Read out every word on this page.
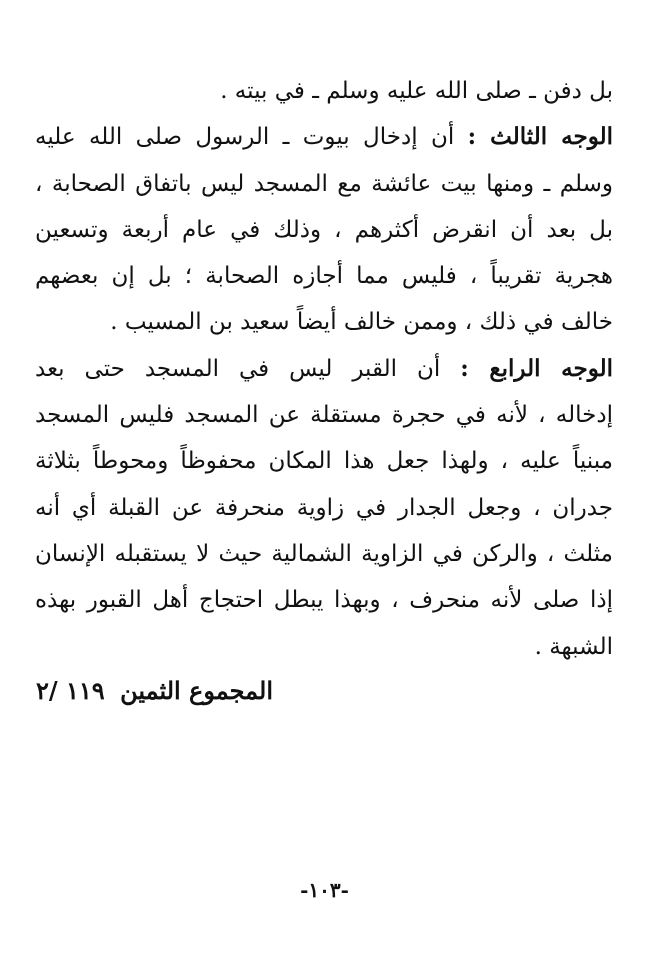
بل دفن ـ صلى الله عليه وسلم ـ في بيته .
الوجه الثالث : أن إدخال بيوت ـ الرسول صلى الله عليه
وسلم ـ ومنها بيت عائشة مع المسجد ليس باتفاق الصحابة ،
بل بعد أن انقرض أكثرهم ، وذلك في عام أربعة وتسعين
هجرية تقريباً ، فليس مما أجازه الصحابة ؛ بل إن بعضهم
خالف في ذلك ، وممن خالف أيضاً سعيد بن المسيب .
الوجه الرابع : أن القبر ليس في المسجد حتى بعد
إدخاله ، لأنه في حجرة مستقلة عن المسجد فليس المسجد
مبنياً عليه ، ولهذا جعل هذا المكان محفوظاً ومحوطاً بثلاثة
جدران ، وجعل الجدار في زاوية منحرفة عن القبلة أي أنه
مثلث ، والركن في الزاوية الشمالية حيث لا يستقبله الإنسان
إذا صلى لأنه منحرف ، وبهذا يبطل احتجاج أهل القبور بهذه
الشبهة .
المجموع الثمين
١١٩ /٢
-١٠٣-
